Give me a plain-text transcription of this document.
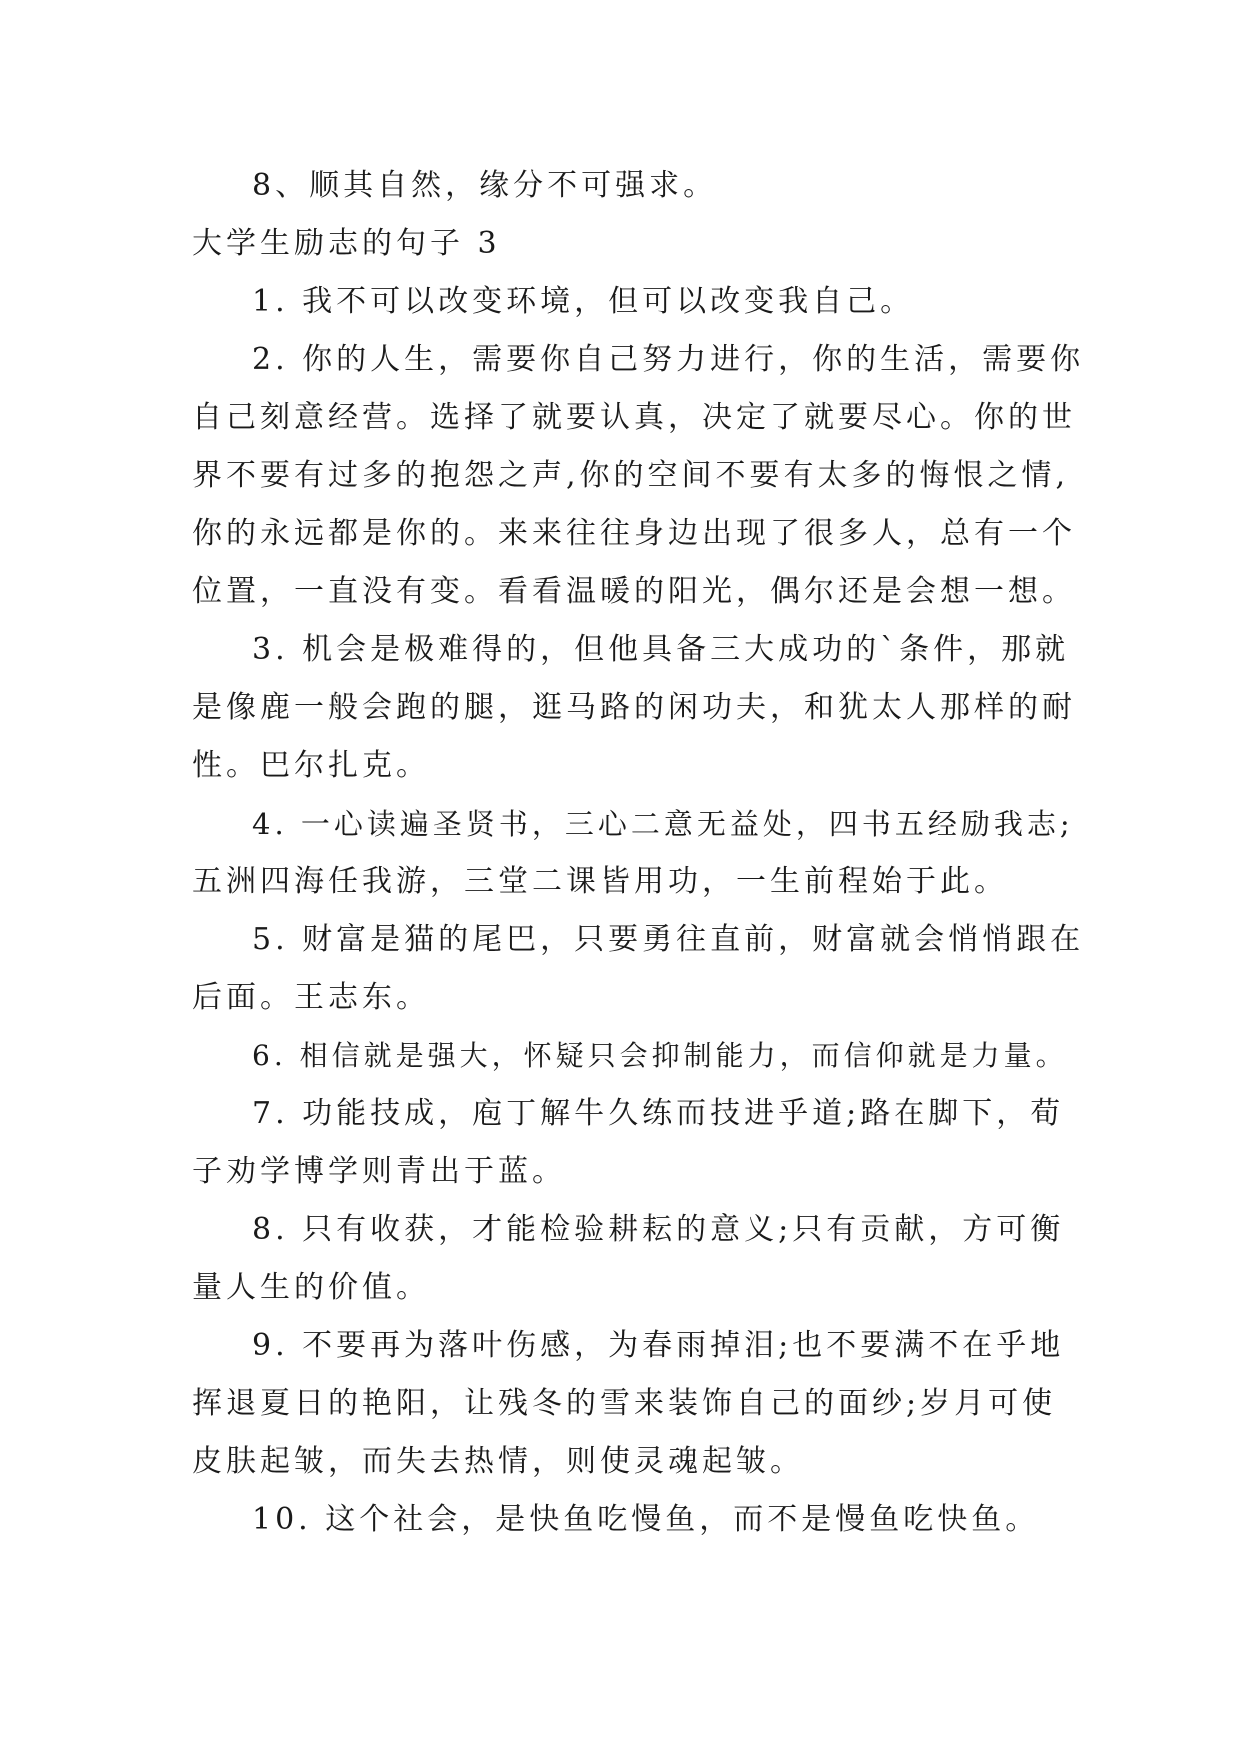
8、顺其自然，缘分不可强求。
大学生励志的句子 3
1. 我不可以改变环境，但可以改变我自己。
2. 你的人生，需要你自己努力进行，你的生活，需要你
自己刻意经营。选择了就要认真，决定了就要尽心。你的世
界不要有过多的抱怨之声,你的空间不要有太多的悔恨之情,
你的永远都是你的。来来往往身边出现了很多人，总有一个
位置，一直没有变。看看温暖的阳光，偶尔还是会想一想。
3. 机会是极难得的，但他具备三大成功的`条件，那就
是像鹿一般会跑的腿，逛马路的闲功夫，和犹太人那样的耐
性。巴尔扎克。
4. 一心读遍圣贤书，三心二意无益处，四书五经励我志;
五洲四海任我游，三堂二课皆用功，一生前程始于此。
5. 财富是猫的尾巴，只要勇往直前，财富就会悄悄跟在
后面。王志东。
6. 相信就是强大，怀疑只会抑制能力，而信仰就是力量。
7. 功能技成，庖丁解牛久练而技进乎道;路在脚下，荀
子劝学博学则青出于蓝。
8. 只有收获，才能检验耕耘的意义;只有贡献，方可衡
量人生的价值。
9. 不要再为落叶伤感，为春雨掉泪;也不要满不在乎地
挥退夏日的艳阳，让残冬的雪来装饰自己的面纱;岁月可使
皮肤起皱，而失去热情，则使灵魂起皱。
10. 这个社会，是快鱼吃慢鱼，而不是慢鱼吃快鱼。
